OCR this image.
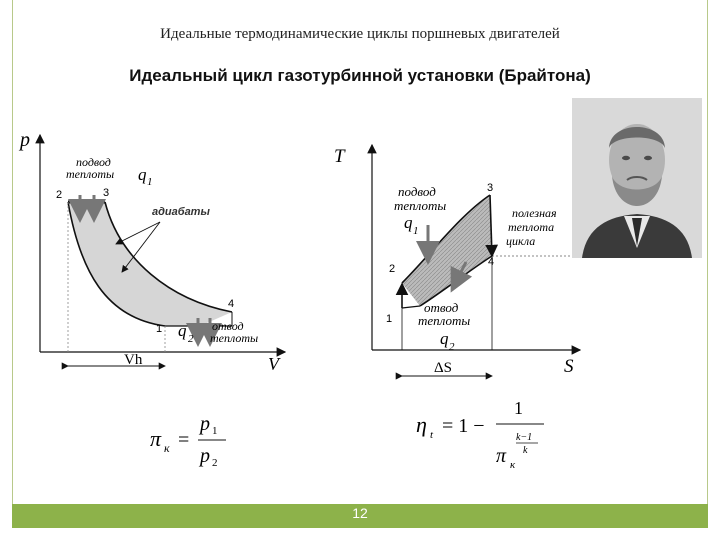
12
Идеальные термодинамические циклы поршневых двигателей
Идеальный цикл газотурбинной установки (Брайтона)
p
V
подвод
теплоты q 1
адиабаты
2	3
4
1 q 2
отвод
теплоты
Vh
T
S
подвод
теплоты
q 1
полезная
теплота
цикла
3
4
2
1
отвод
теплоты
q 2
ΔS
π к =
p 1
p 2
η t = 1 −
1
π к
k−1
k
